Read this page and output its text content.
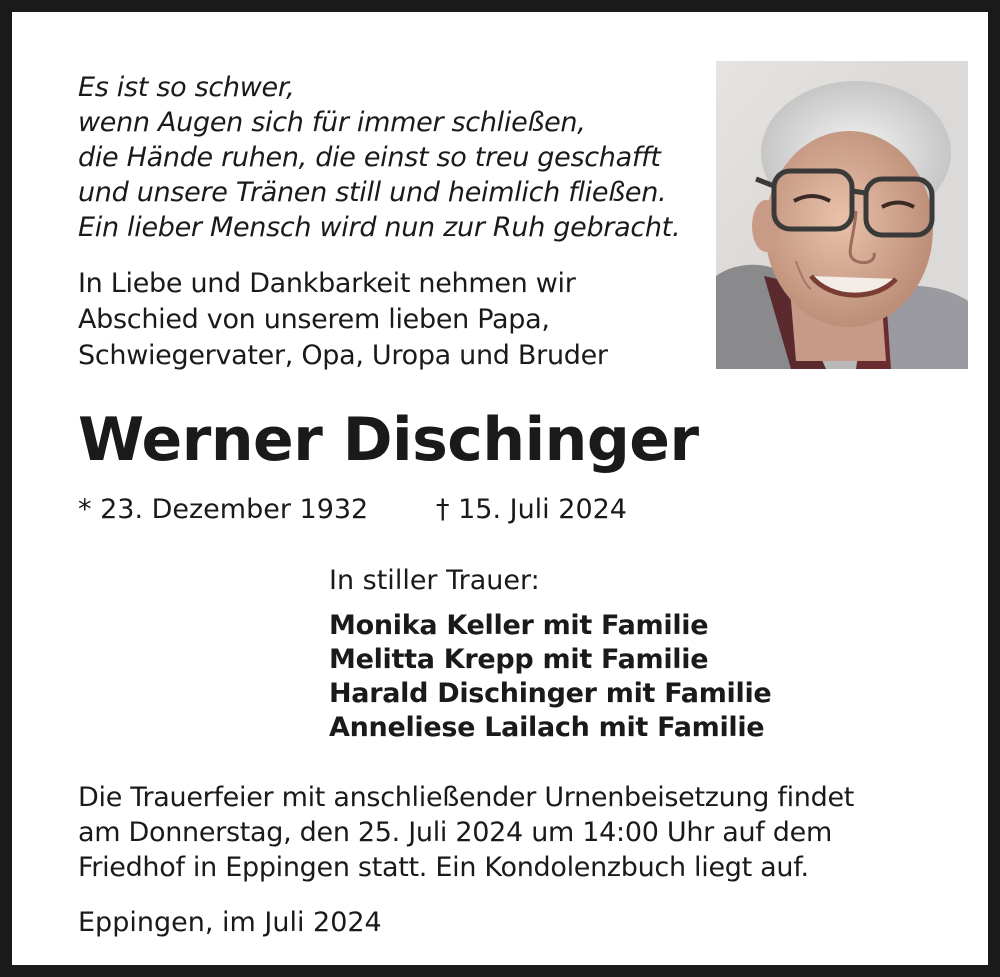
Es ist so schwer,
wenn Augen sich für immer schließen,
die Hände ruhen, die einst so treu geschafft
und unsere Tränen still und heimlich fließen.
Ein lieber Mensch wird nun zur Ruh gebracht.
In Liebe und Dankbarkeit nehmen wir
Abschied von unserem lieben Papa,
Schwiegervater, Opa, Uropa und Bruder
Werner Dischinger
* 23. Dezember 1932	† 15. Juli 2024
In stiller Trauer:
Monika Keller mit Familie
Melitta Krepp mit Familie
Harald Dischinger mit Familie
Anneliese Lailach mit Familie
Die Trauerfeier mit anschließender Urnenbeisetzung findet
am Donnerstag, den 25. Juli 2024 um 14:00 Uhr auf dem
Friedhof in Eppingen statt. Ein Kondolenzbuch liegt auf.
Eppingen, im Juli 2024
